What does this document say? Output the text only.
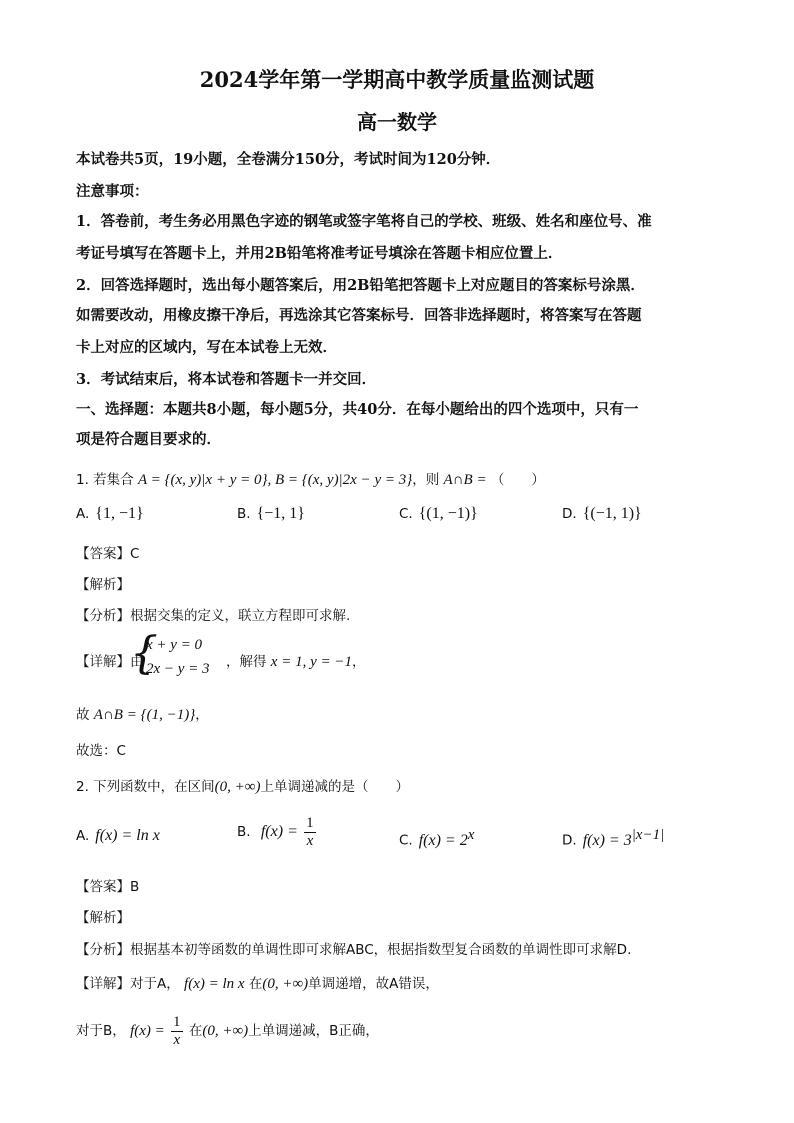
2024学年第一学期高中教学质量监测试题
高一数学
本试卷共5页，19小题，全卷满分150分，考试时间为120分钟．
注意事项：
1．答卷前，考生务必用黑色字迹的钢笔或签字笔将自己的学校、班级、姓名和座位号、准
考证号填写在答题卡上，并用2B铅笔将准考证号填涂在答题卡相应位置上．
2．回答选择题时，选出每小题答案后，用2B铅笔把答题卡上对应题目的答案标号涂黑．
如需要改动，用橡皮擦干净后，再选涂其它答案标号．回答非选择题时，将答案写在答题
卡上对应的区域内，写在本试卷上无效．
3．考试结束后，将本试卷和答题卡一并交回．
一、选择题：本题共8小题，每小题5分，共40分．在每小题给出的四个选项中，只有一
项是符合题目要求的．
1. 若集合 A = {(x, y)|x + y = 0}, B = {(x, y)|2x − y = 3}，则 A∩B = （　　）
A. {1, −1}	B. {−1, 1}	C. {(1, −1)}	D. {(−1, 1)}
【答案】C
【解析】
【分析】根据交集的定义，联立方程即可求解.
【详解】由
{
x + y = 0
2x − y = 3 ，解得 x = 1, y = −1，
故 A∩B = {(1, −1)}，
故选：C
2. 下列函数中，在区间(0, +∞)上单调递减的是（　　）
A. f(x) = ln x	B. $f(x) = \frac{1}{x}$	C. $f(x) = 2^x$	D. $f(x) = 3^{|x-1|}$
【答案】B
【解析】
【分析】根据基本初等函数的单调性即可求解ABC，根据指数型复合函数的单调性即可求解D.
【详解】对于A， f(x) = ln x 在(0, +∞)单调递增，故A错误，
对于B， $f(x) = \frac{1}{x}$ 在(0, +∞)上单调递减，B正确，
